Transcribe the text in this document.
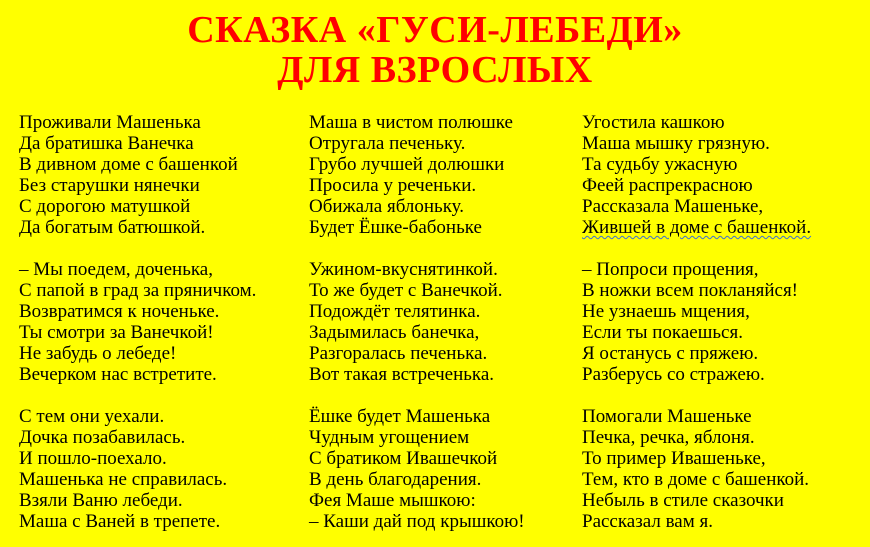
СКАЗКА «ГУСИ-ЛЕБЕДИ»
ДЛЯ ВЗРОСЛЫХ
Проживали Машенька
Да братишка Ванечка
В дивном доме с башенкой
Без старушки нянечки
С дорогою матушкой
Да богатым батюшкой.
– Мы поедем, доченька,
С папой в град за пряничком.
Возвратимся к ноченьке.
Ты смотри за Ванечкой!
Не забудь о лебеде!
Вечерком нас встретите.
С тем они уехали.
Дочка позабавилась.
И пошло-поехало.
Машенька не справилась.
Взяли Ваню лебеди.
Маша с Ваней в трепете.
Маша в чистом полюшке
Отругала печеньку.
Грубо лучшей долюшки
Просила у реченьки.
Обижала яблоньку.
Будет Ёшке-бабоньке
Ужином-вкуснятинкой.
То же будет с Ванечкой.
Подождёт телятинка.
Задымилась банечка,
Разгоралась печенька.
Вот такая встреченька.
Ёшке будет Машенька
Чудным угощением
С братиком Ивашечкой
В день благодарения.
Фея Маше мышкою:
– Каши дай под крышкою!
Угостила кашкою
Маша мышку грязную.
Та судьбу ужасную
Феей распрекрасною
Рассказала Машеньке,
Жившей в доме с башенкой.
– Попроси прощения,
В ножки всем покланяйся!
Не узнаешь мщения,
Если ты покаешься.
Я останусь с пряжею.
Разберусь со стражею.
Помогали Машеньке
Печка, речка, яблоня.
То пример Ивашеньке,
Тем, кто в доме с башенкой.
Небыль в стиле сказочки
Рассказал вам я.
